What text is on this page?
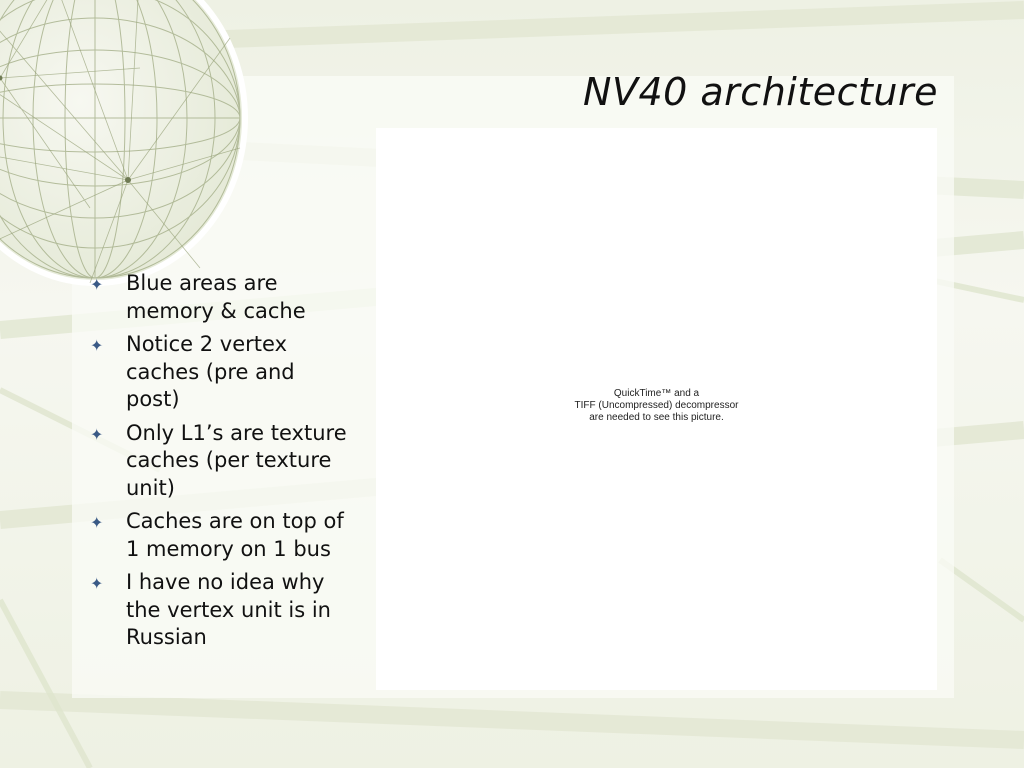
NV40 architecture
QuickTime™ and a
TIFF (Uncompressed) decompressor
are needed to see this picture.
✦ Blue areas are memory & cache
✦ Notice 2 vertex caches (pre and post)
✦ Only L1’s are texture caches (per texture unit)
✦ Caches are on top of 1 memory on 1 bus
✦ I have no idea why the vertex unit is in Russian
